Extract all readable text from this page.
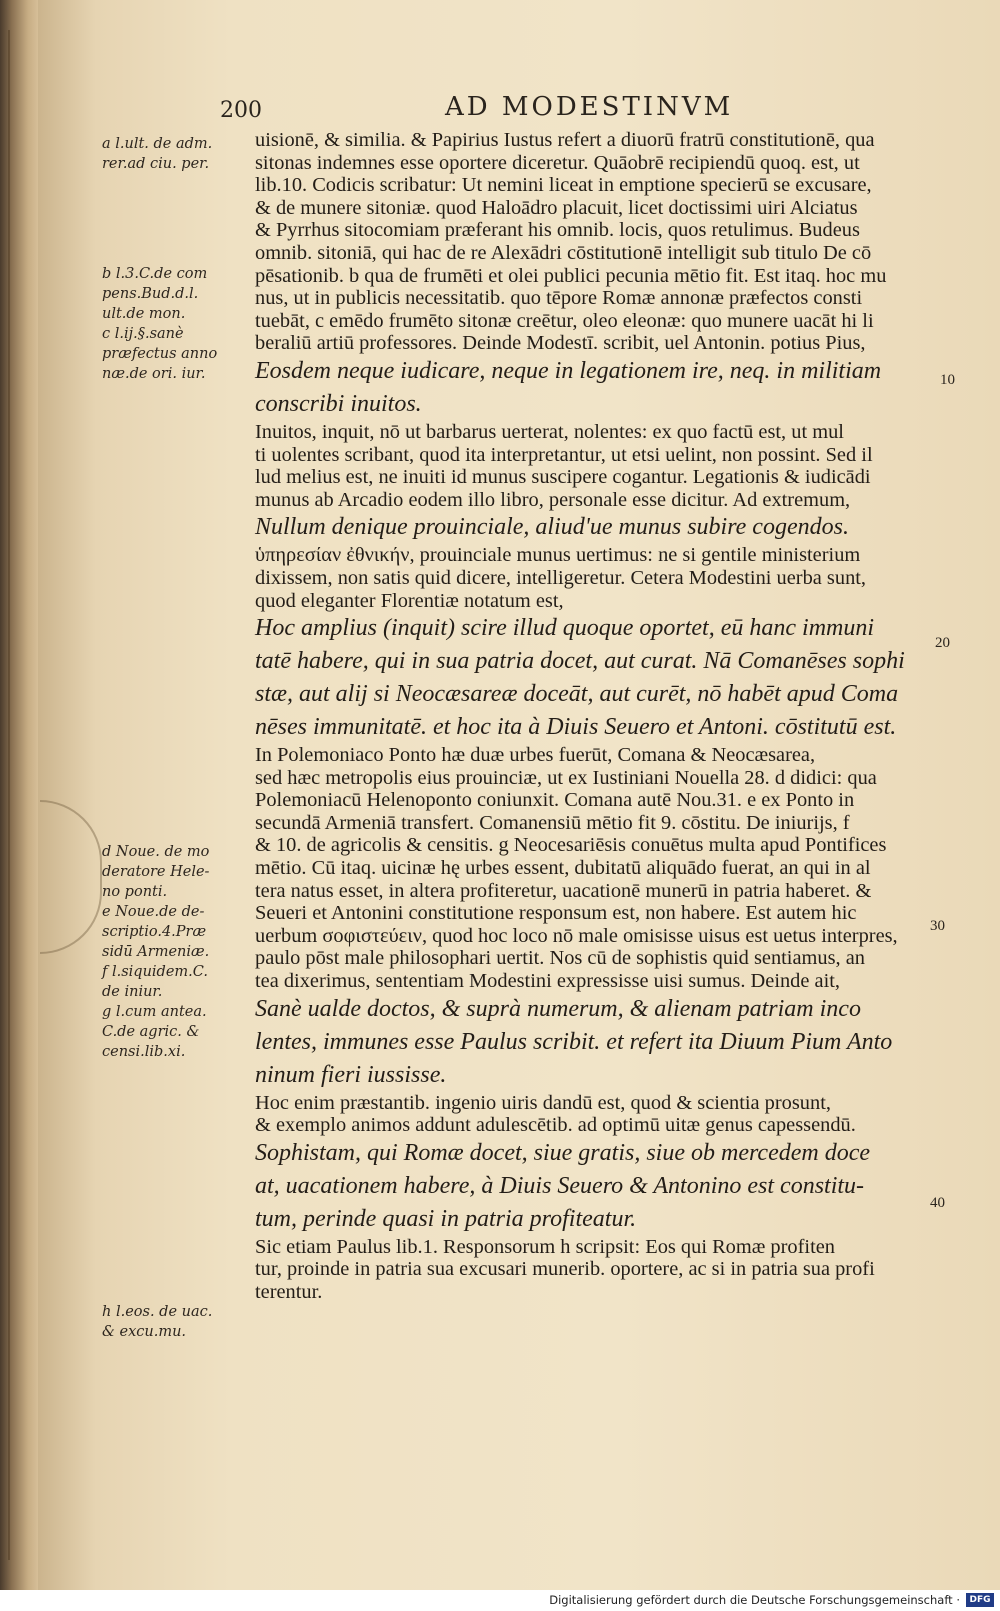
200	AD MODESTINVM
a l.ult. de adm.
rer.ad ciu. per.
b l.3.C.de com
pens.Bud.d.l.
ult.de mon.
c l.ij.§.sanè
præfectus anno
næ.de ori. iur.
d Noue. de mo
deratore Hele-
no ponti.
e Noue.de de-
scriptio.4.Præ
sidū Armeniæ.
f l.siquidem.C.
de iniur.
g l.cum antea.
C.de agric. &
censi.lib.xi.
h l.eos. de uac.
& excu.mu.
uisionē, & similia. & Papirius Iustus refert a diuorū fratrū constitutionē, qua
sitonas indemnes esse oportere diceretur. Quāobrē recipiendū quoq. est, ut
lib.10. Codicis scribatur: Ut nemini liceat in emptione specierū se excusare,
& de munere sitoniæ. quod Haloādro placuit, licet doctissimi uiri Alciatus
& Pyrrhus sitocomiam præferant his omnib. locis, quos retulimus. Budeus
omnib. sitoniā, qui hac de re Alexādri cōstitutionē intelligit sub titulo De cō
pēsationib. b qua de frumēti et olei publici pecunia mētio fit. Est itaq. hoc mu
nus, ut in publicis necessitatib. quo tēpore Romæ annonæ præfectos consti
tuebāt, c emēdo frumēto sitonæ creētur, oleo eleonæ: quo munere uacāt hi li
beraliū artiū professores. Deinde Modestī. scribit, uel Antonin. potius Pius,
Eosdem neque iudicare, neque in legationem ire, neq. in militiam
conscribi inuitos.
Inuitos, inquit, nō ut barbarus uerterat, nolentes: ex quo factū est, ut mul
ti uolentes scribant, quod ita interpretantur, ut etsi uelint, non possint. Sed il
lud melius est, ne inuiti id munus suscipere cogantur. Legationis & iudicādi
munus ab Arcadio eodem illo libro, personale esse dicitur. Ad extremum,
Nullum denique prouinciale, aliud'ue munus subire cogendos.
ὑπηρεσίαν ἐθνικήν, prouinciale munus uertimus: ne si gentile ministerium
dixissem, non satis quid dicere, intelligeretur. Cetera Modestini uerba sunt,
quod eleganter Florentiæ notatum est,
Hoc amplius (inquit) scire illud quoque oportet, eū hanc immuni
tatē habere, qui in sua patria docet, aut curat. Nā Comanēses sophi
stæ, aut alij si Neocæsareæ doceāt, aut curēt, nō habēt apud Coma
nēses immunitatē. et hoc ita à Diuis Seuero et Antoni. cōstitutū est.
In Polemoniaco Ponto hæ duæ urbes fuerūt, Comana & Neocæsarea,
sed hæc metropolis eius prouinciæ, ut ex Iustiniani Nouella 28. d didici: qua
Polemoniacū Helenoponto coniunxit. Comana autē Nou.31. e ex Ponto in
secundā Armeniā transfert. Comanensiū mētio fit 9. cōstitu. De iniurijs, f
& 10. de agricolis & censitis. g Neocesariēsis conuētus multa apud Pontifices
mētio. Cū itaq. uicinæ hę urbes essent, dubitatū aliquādo fuerat, an qui in al
tera natus esset, in altera profiteretur, uacationē munerū in patria haberet. &
Seueri et Antonini constitutione responsum est, non habere. Est autem hic
uerbum σοφιστεύειν, quod hoc loco nō male omisisse uisus est uetus interpres,
paulo pōst male philosophari uertit. Nos cū de sophistis quid sentiamus, an
tea dixerimus, sententiam Modestini expressisse uisi sumus. Deinde ait,
Sanè ualde doctos, & suprà numerum, & alienam patriam inco
lentes, immunes esse Paulus scribit. et refert ita Diuum Pium Anto
ninum fieri iussisse.
Hoc enim præstantib. ingenio uiris dandū est, quod & scientia prosunt,
& exemplo animos addunt adulescētib. ad optimū uitæ genus capessendū.
Sophistam, qui Romæ docet, siue gratis, siue ob mercedem doce
at, uacationem habere, à Diuis Seuero & Antonino est constitu-
tum, perinde quasi in patria profiteatur.
Sic etiam Paulus lib.1. Responsorum h scripsit: Eos qui Romæ profiten
tur, proinde in patria sua excusari munerib. oportere, ac si in patria sua profi
terentur.
10
20
30
40
Digitalisierung gefördert durch die Deutsche Forschungsgemeinschaft ·	DFG
